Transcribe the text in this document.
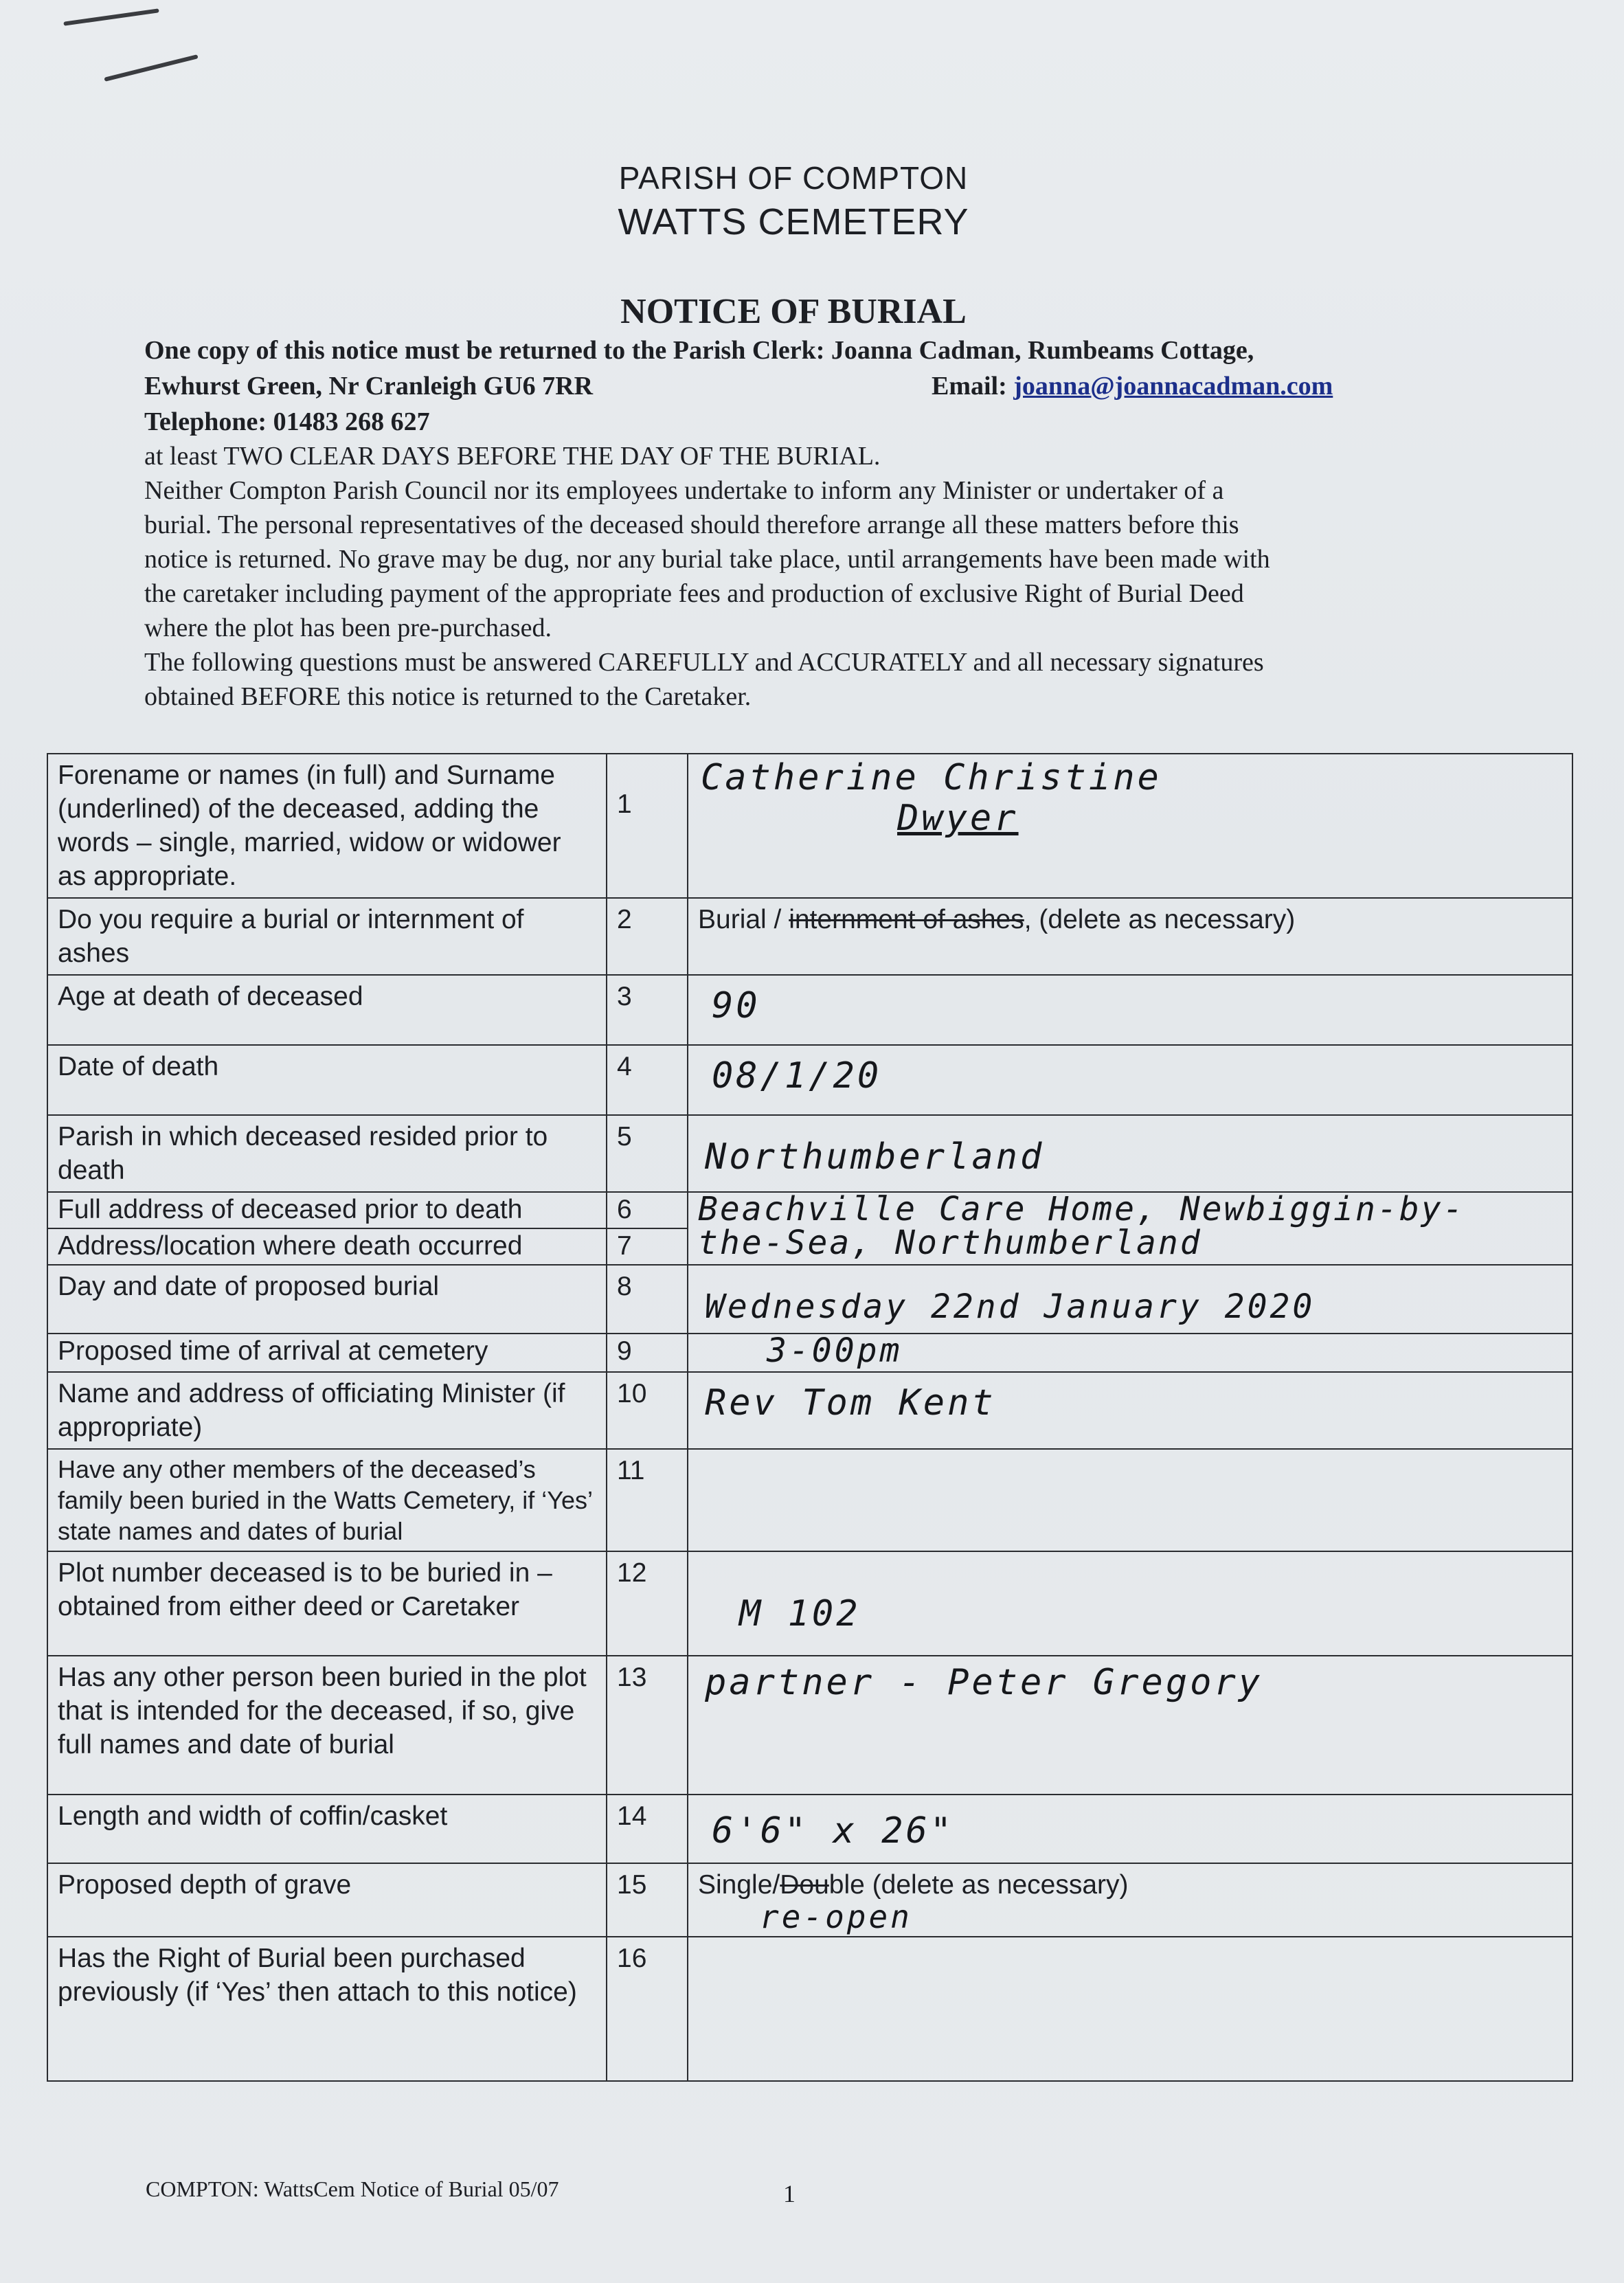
PARISH OF COMPTON
WATTS CEMETERY
NOTICE OF BURIAL
One copy of this notice must be returned to the Parish Clerk: Joanna Cadman, Rumbeams Cottage,
Ewhurst Green, Nr Cranleigh GU6 7RR	Email: joanna@joannacadman.com
Telephone: 01483 268 627
at least TWO CLEAR DAYS BEFORE THE DAY OF THE BURIAL.
Neither Compton Parish Council nor its employees undertake to inform any Minister or undertaker of a
burial. The personal representatives of the deceased should therefore arrange all these matters before this
notice is returned. No grave may be dug, nor any burial take place, until arrangements have been made with
the caretaker including payment of the appropriate fees and production of exclusive Right of Burial Deed
where the plot has been pre-purchased.
The following questions must be answered CAREFULLY and ACCURATELY and all necessary signatures
obtained BEFORE this notice is returned to the Caretaker.
Forename or names (in full) and Surname (underlined) of the deceased, adding the words – single, married, widow or widower as appropriate.	1	Catherine Christine
Dwyer

Do you require a burial or internment of ashes	2	Burial / internment of ashes, (delete as necessary)
Age at death of deceased	3	90

Date of death	4	08/1/20

Parish in which deceased resided prior to death	5	Northumberland

Full address of deceased prior to death	6	Beachville Care Home, Newbiggin-by-
the-Sea, Northumberland

Address/location where death occurred	7	
Day and date of proposed burial	8	Wednesday 22nd January 2020

Proposed time of arrival at cemetery	9	3-00pm

Name and address of officiating Minister (if appropriate)	10	Rev Tom Kent

Have any other members of the deceased’s family been buried in the Watts Cemetery, if ‘Yes’ state names and dates of burial	11	

Plot number deceased is to be buried in – obtained from either deed or Caretaker	12	M 102

Has any other person been buried in the plot that is intended for the deceased, if so, give full names and date of burial	13	partner - Peter Gregory

Length and width of coffin/casket	14	6'6" x 26"

Proposed depth of grave	15	Single/Double (delete as necessary)
re-open

Has the Right of Burial been purchased previously (if ‘Yes’ then attach to this notice)	16	
COMPTON: WattsCem Notice of Burial 05/07	1
